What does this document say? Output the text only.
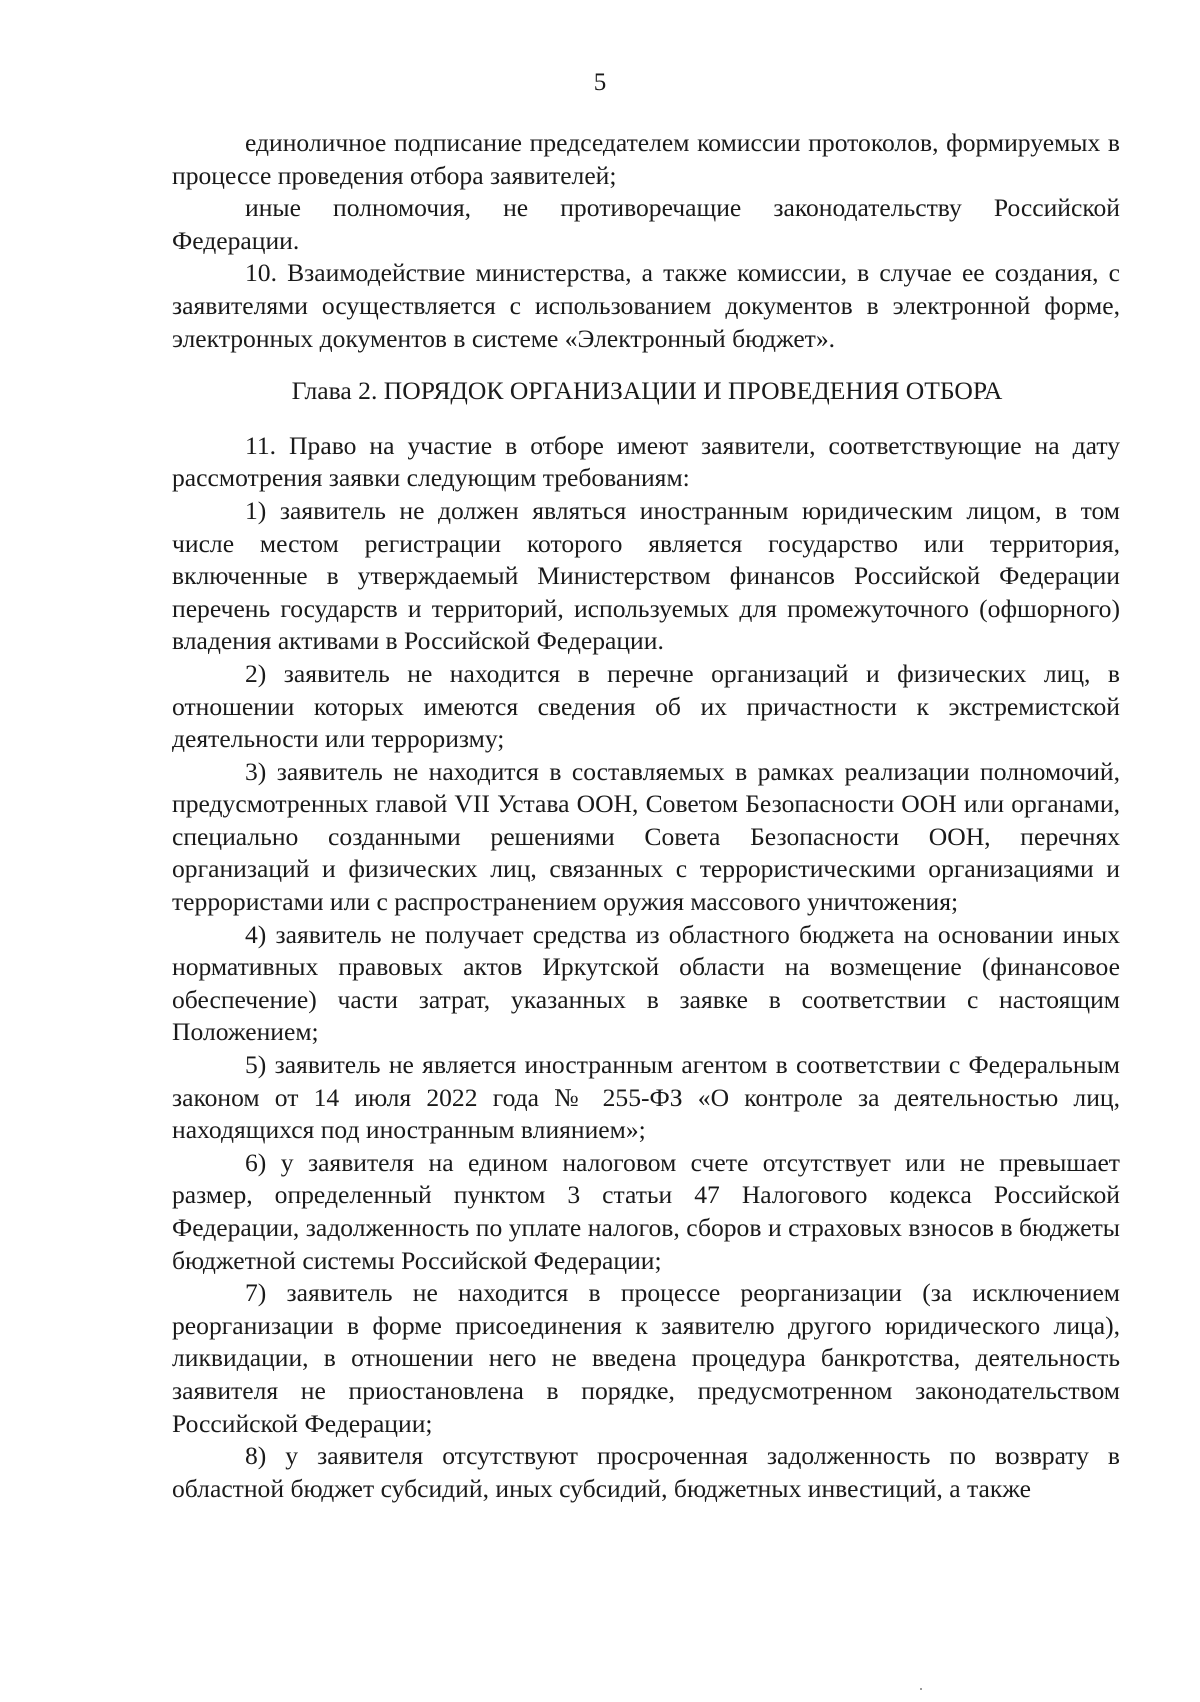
5

единоличное подписание председателем комиссии протоколов, формируемых в процессе проведения отбора заявителей;

иные полномочия, не противоречащие законодательству Российской Федерации.

10. Взаимодействие министерства, а также комиссии, в случае ее создания, с заявителями осуществляется с использованием документов в электронной форме, электронных документов в системе «Электронный бюджет».

Глава 2. ПОРЯДОК ОРГАНИЗАЦИИ И ПРОВЕДЕНИЯ ОТБОРА

11. Право на участие в отборе имеют заявители, соответствующие на дату рассмотрения заявки следующим требованиям:

1) заявитель не должен являться иностранным юридическим лицом, в том числе местом регистрации которого является государство или территория, включенные в утверждаемый Министерством финансов Российской Федерации перечень государств и территорий, используемых для промежуточного (офшорного) владения активами в Российской Федерации.

2) заявитель не находится в перечне организаций и физических лиц, в отношении которых имеются сведения об их причастности к экстремистской деятельности или терроризму;

3) заявитель не находится в составляемых в рамках реализации полномочий, предусмотренных главой VII Устава ООН, Советом Безопасности ООН или органами, специально созданными решениями Совета Безопасности ООН, перечнях организаций и физических лиц, связанных с террористическими организациями и террористами или с распространением оружия массового уничтожения;

4) заявитель не получает средства из областного бюджета на основании иных нормативных правовых актов Иркутской области на возмещение (финансовое обеспечение) части затрат, указанных в заявке в соответствии с настоящим Положением;

5) заявитель не является иностранным агентом в соответствии с Федеральным законом от 14 июля 2022 года № 255-ФЗ «О контроле за деятельностью лиц, находящихся под иностранным влиянием»;

6) у заявителя на едином налоговом счете отсутствует или не превышает размер, определенный пунктом 3 статьи 47 Налогового кодекса Российской Федерации, задолженность по уплате налогов, сборов и страховых взносов в бюджеты бюджетной системы Российской Федерации;

7) заявитель не находится в процессе реорганизации (за исключением реорганизации в форме присоединения к заявителю другого юридического лица), ликвидации, в отношении него не введена процедура банкротства, деятельность заявителя не приостановлена в порядке, предусмотренном законодательством Российской Федерации;

8) у заявителя отсутствуют просроченная задолженность по возврату в областной бюджет субсидий, иных субсидий, бюджетных инвестиций, а также
